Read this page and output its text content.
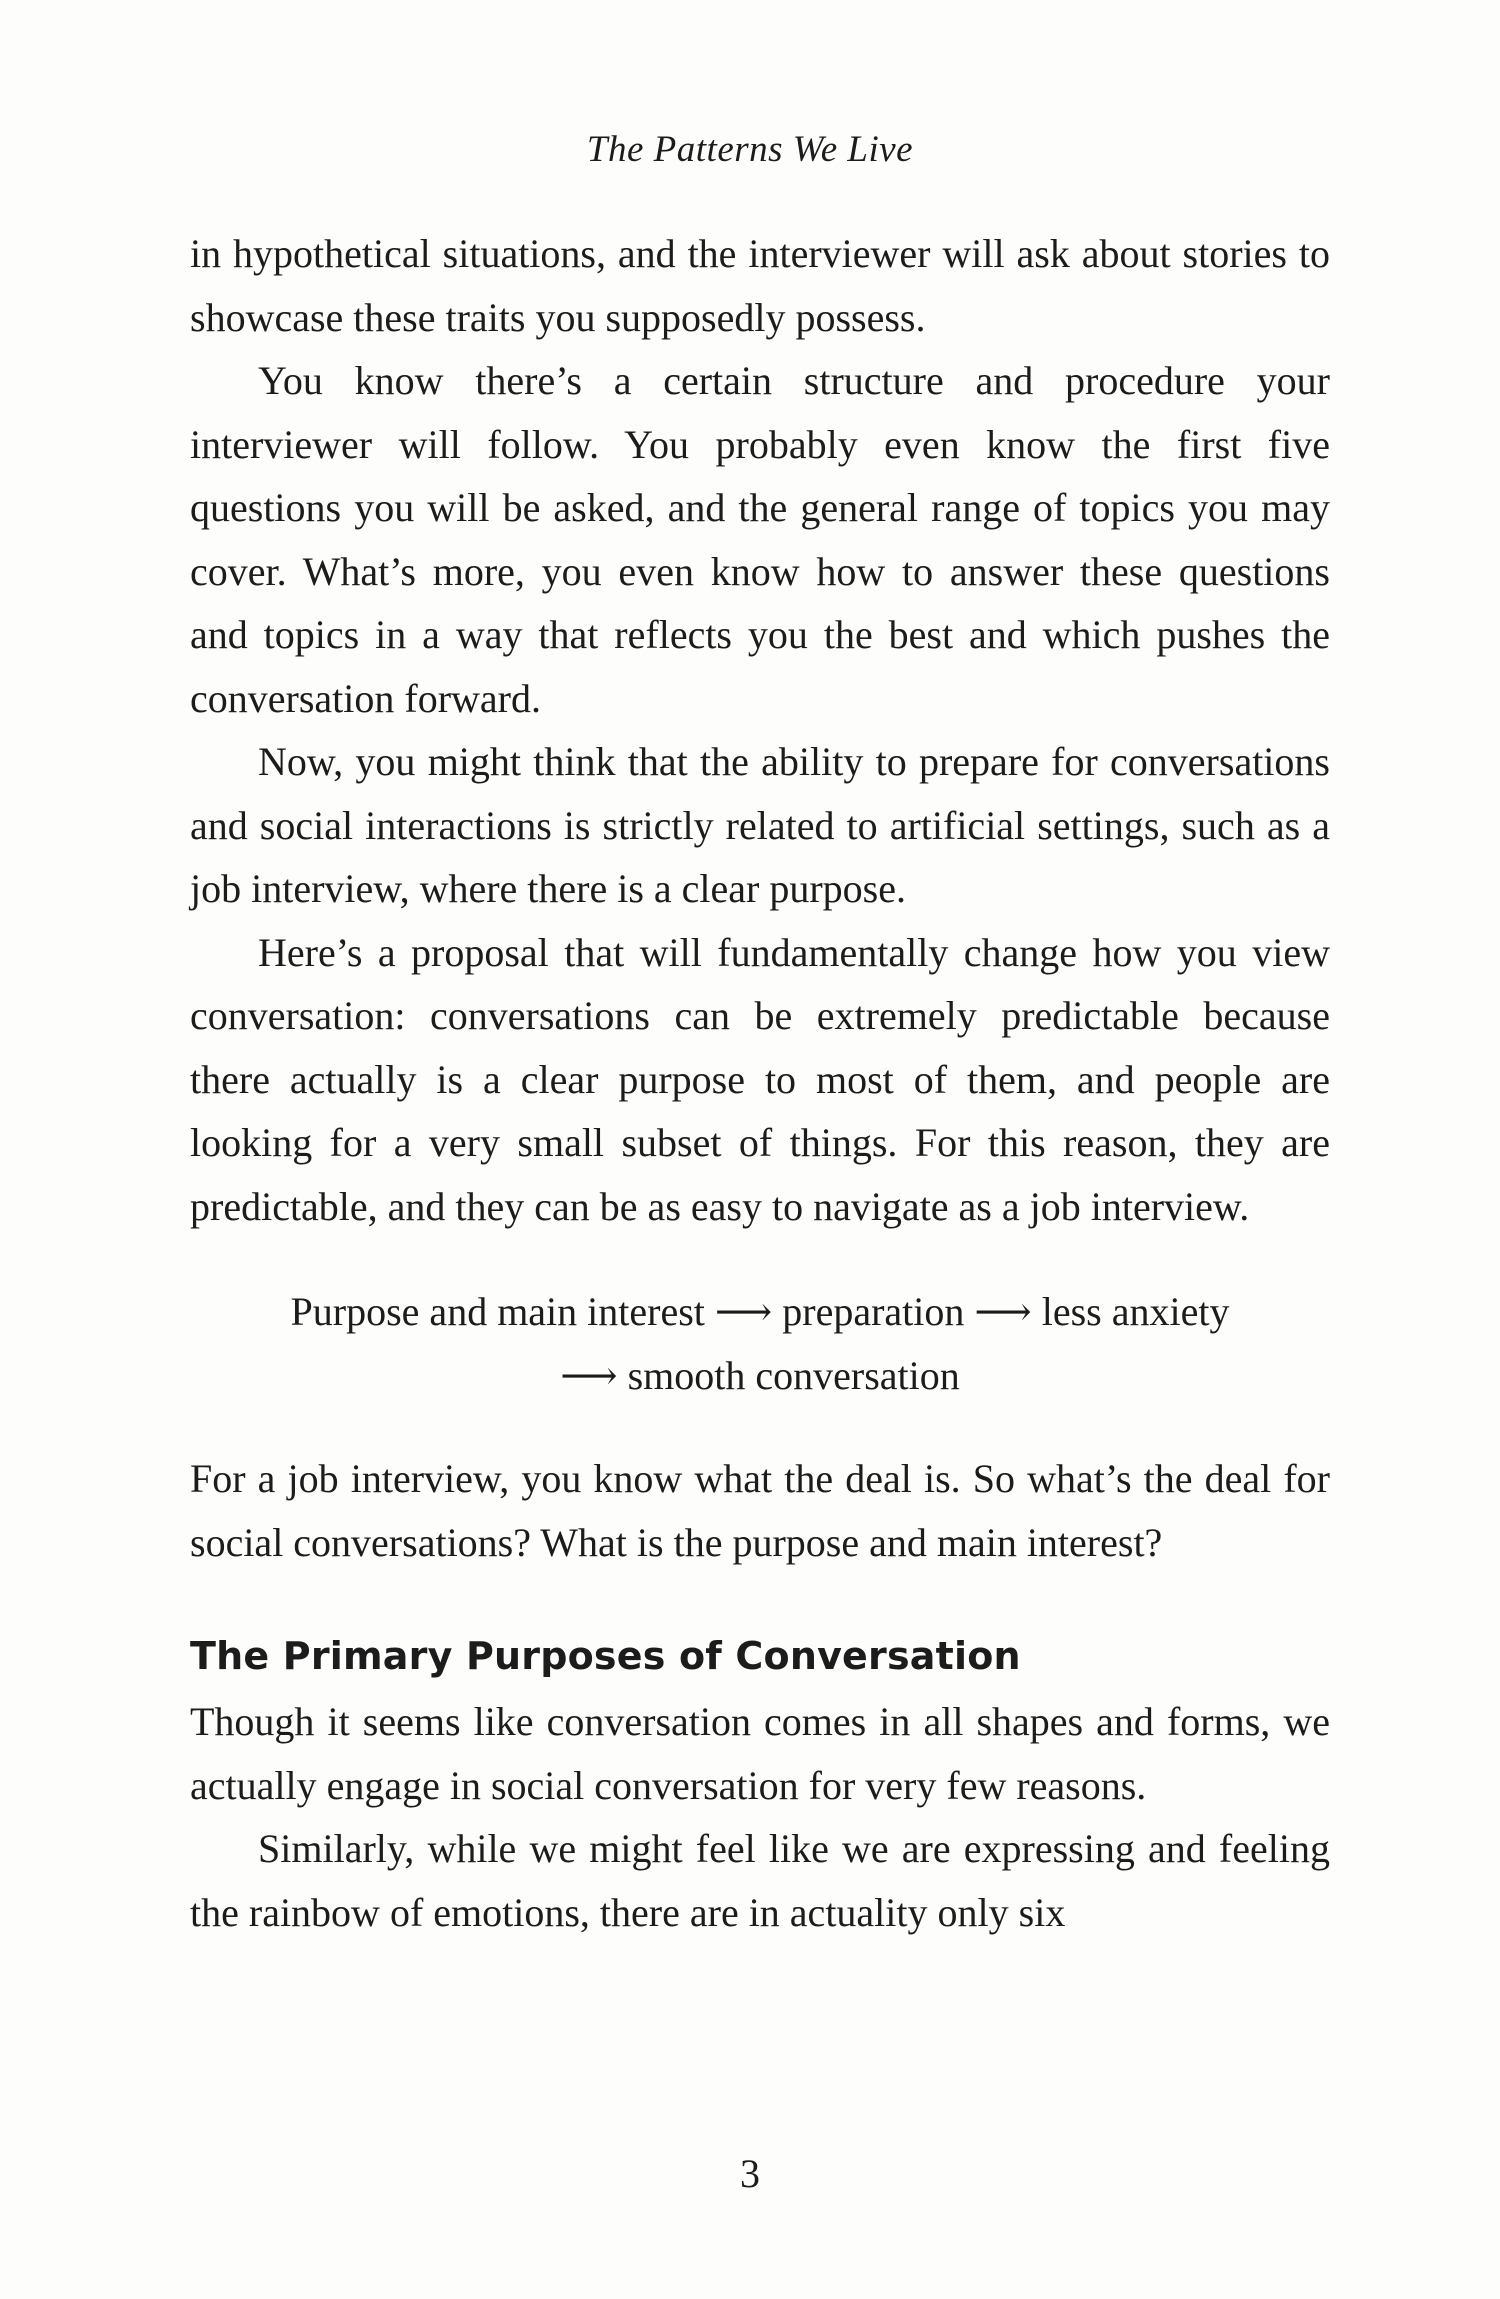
The Patterns We Live

in hypothetical situations, and the interviewer will ask about stories to showcase these traits you supposedly possess.

You know there’s a certain structure and procedure your interviewer will follow. You probably even know the first five questions you will be asked, and the general range of topics you may cover. What’s more, you even know how to answer these questions and topics in a way that reflects you the best and which pushes the conversation forward.

Now, you might think that the ability to prepare for conversations and social interactions is strictly related to artificial settings, such as a job interview, where there is a clear purpose.

Here’s a proposal that will fundamentally change how you view conversation: conversations can be extremely predictable because there actually is a clear purpose to most of them, and people are looking for a very small subset of things. For this reason, they are predictable, and they can be as easy to navigate as a job interview.

Purpose and main interest ⟶ preparation ⟶ less anxiety
⟶ smooth conversation

For a job interview, you know what the deal is. So what’s the deal for social conversations? What is the purpose and main interest?

The Primary Purposes of Conversation

Though it seems like conversation comes in all shapes and forms, we actually engage in social conversation for very few reasons.

Similarly, while we might feel like we are expressing and feeling the rainbow of emotions, there are in actuality only six

3
